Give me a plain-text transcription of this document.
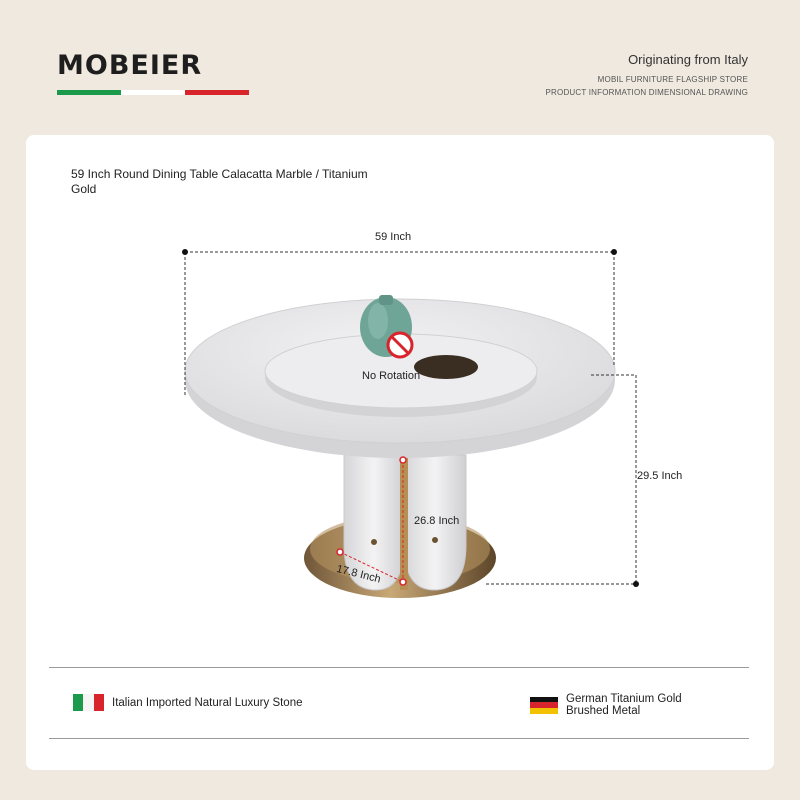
MOBEIER	Originating from Italy
MOBIL FURNITURE FLAGSHIP STORE
PRODUCT INFORMATION DIMENSIONAL DRAWING
59 Inch Round Dining Table Calacatta Marble / Titanium Gold
59 Inch
29.5 Inch
26.8 Inch
17.8 Inch
No Rotation
Italian Imported Natural Luxury Stone	German Titanium Gold Brushed Metal
